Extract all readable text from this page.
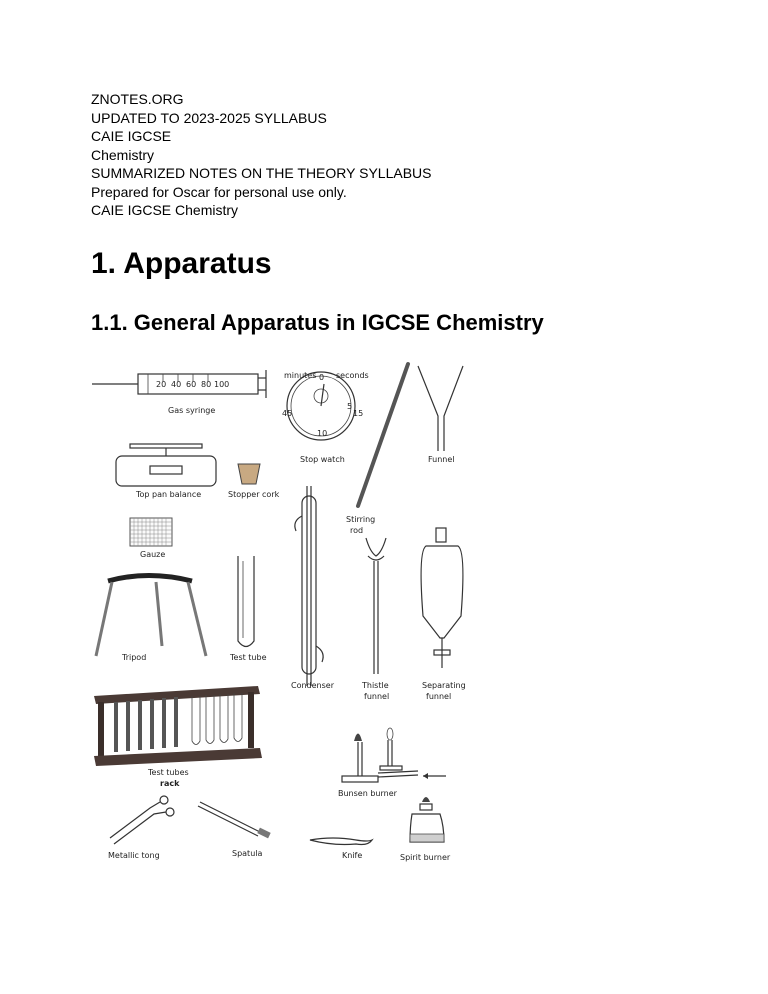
ZNOTES.ORG
UPDATED TO 2023-2025 SYLLABUS
CAIE IGCSE
Chemistry
SUMMARIZED NOTES ON THE THEORY SYLLABUS
Prepared for Oscar for personal use only.
CAIE IGCSE Chemistry
1. Apparatus
1.1. General Apparatus in IGCSE Chemistry
20 40 60 80 100
Gas syringe
minutes seconds
0
5
10
15
45
Stop watch	Funnel
Stirring
rod
Top pan balance	Stopper cork
Gauze
Tripod	Test tube
Condenser	Thistle
funnel
Separating
funnel
Test tubes
rack
Bunsen burner
Metallic tong	Spatula	Knife	Spirit burner
